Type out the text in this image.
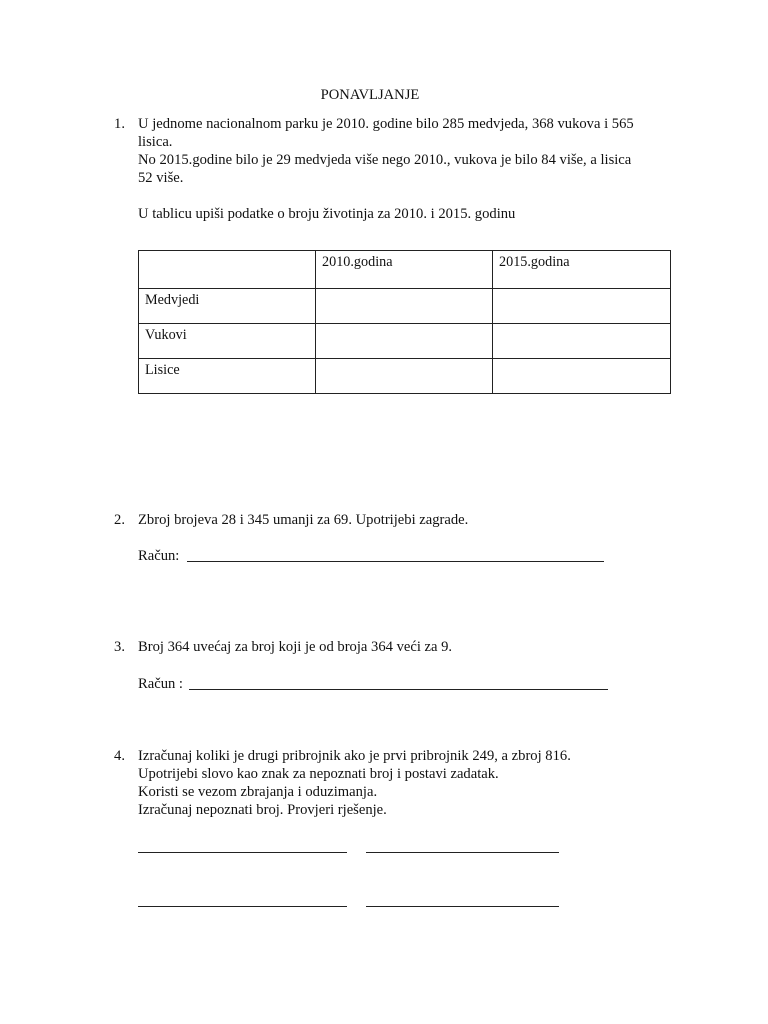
PONAVLJANJE
1. U jednome nacionalnom parku je 2010. godine bilo 285 medvjeda, 368 vukova i 565
lisica.
No 2015.godine bilo je 29 medvjeda više nego 2010., vukova je bilo 84 više, a lisica
52 više.
U tablicu upiši podatke o broju životinja za 2010. i 2015. godinu
	2010.godina	2015.godina
Medvjedi		
Vukovi		
Lisice		
2. Zbroj brojeva 28 i 345 umanji za 69. Upotrijebi zagrade.
Račun:
3. Broj 364 uvećaj za broj koji je od broja 364 veći za 9.
Račun :
4. Izračunaj koliki je drugi pribrojnik ako je prvi pribrojnik 249, a zbroj 816.
Upotrijebi slovo kao znak za nepoznati broj i postavi zadatak.
Koristi se vezom zbrajanja i oduzimanja.
Izračunaj nepoznati broj. Provjeri rješenje.
